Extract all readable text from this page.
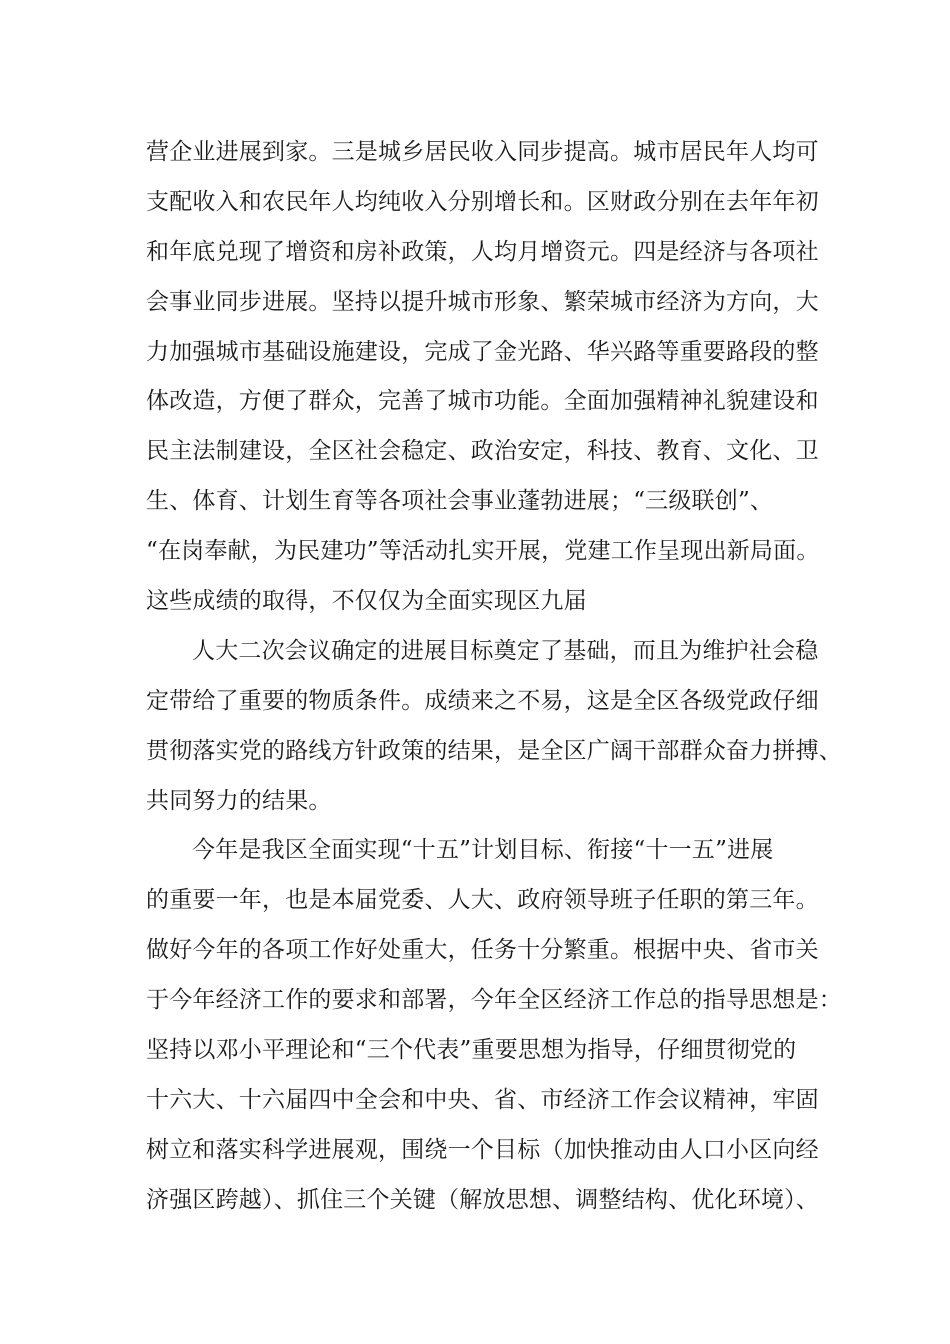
营企业进展到家。三是城乡居民收入同步提高。城市居民年人均可
支配收入和农民年人均纯收入分别增长和。区财政分别在去年年初
和年底兑现了增资和房补政策，人均月增资元。四是经济与各项社
会事业同步进展。坚持以提升城市形象、繁荣城市经济为方向，大
力加强城市基础设施建设，完成了金光路、华兴路等重要路段的整
体改造，方便了群众，完善了城市功能。全面加强精神礼貌建设和
民主法制建设，全区社会稳定、政治安定，科技、教育、文化、卫
生、体育、计划生育等各项社会事业蓬勃进展；“三级联创”、
“在岗奉献，为民建功”等活动扎实开展，党建工作呈现出新局面。
这些成绩的取得，不仅仅为全面实现区九届
人大二次会议确定的进展目标奠定了基础，而且为维护社会稳
定带给了重要的物质条件。成绩来之不易，这是全区各级党政仔细
贯彻落实党的路线方针政策的结果，是全区广阔干部群众奋力拼搏、
共同努力的结果。
今年是我区全面实现“十五”计划目标、衔接“十一五”进展
的重要一年，也是本届党委、人大、政府领导班子任职的第三年。
做好今年的各项工作好处重大，任务十分繁重。根据中央、省市关
于今年经济工作的要求和部署，今年全区经济工作总的指导思想是：
坚持以邓小平理论和“三个代表”重要思想为指导，仔细贯彻党的
十六大、十六届四中全会和中央、省、市经济工作会议精神，牢固
树立和落实科学进展观，围绕一个目标（加快推动由人口小区向经
济强区跨越）、抓住三个关键（解放思想、调整结构、优化环境）、
